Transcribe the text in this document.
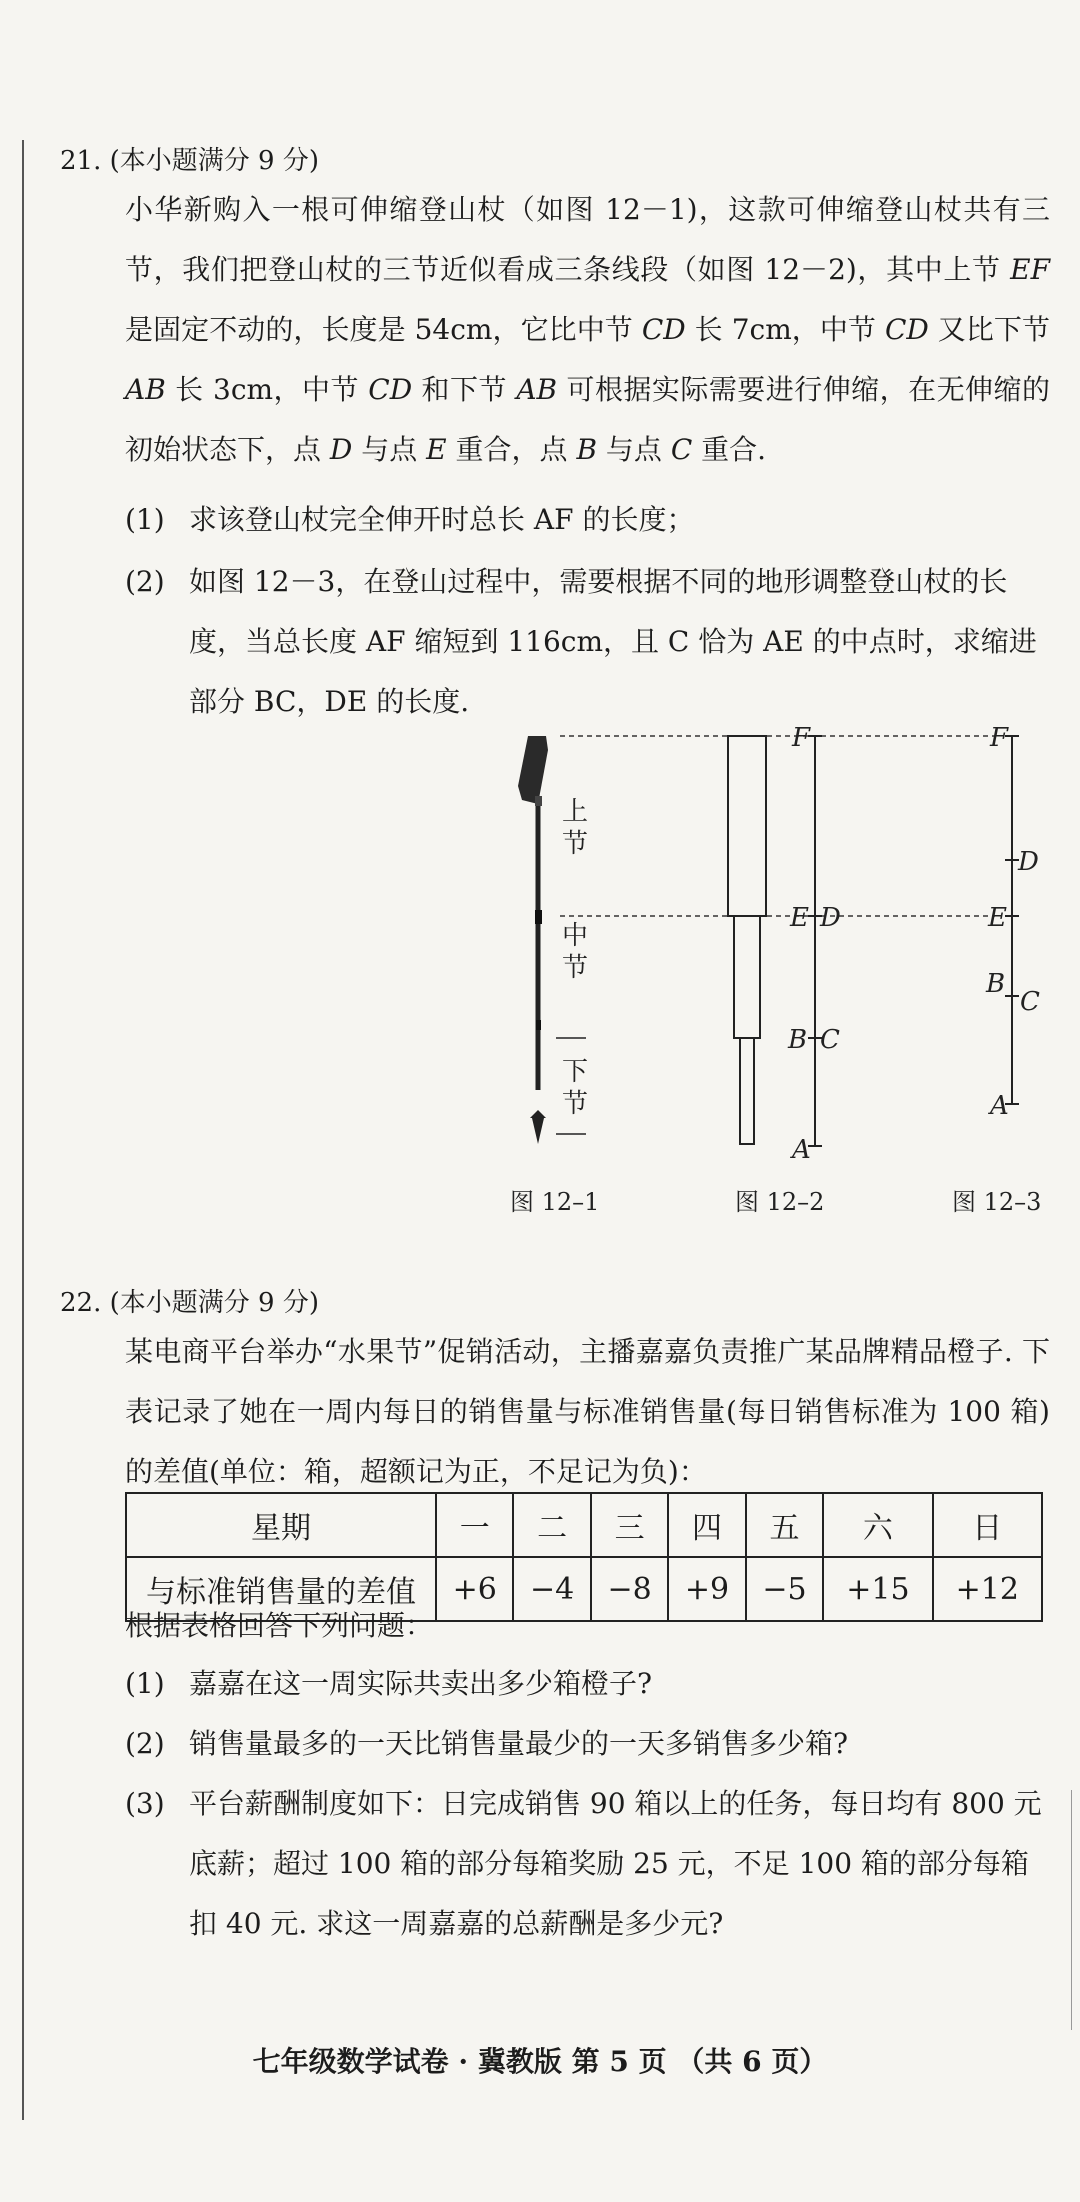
21. (本小题满分 9 分)

小华新购入一根可伸缩登山杖（如图 12－1)，这款可伸缩登山杖共有三节，我们把登山杖的三节近似看成三条线段（如图 12－2)，其中上节 EF 是固定不动的，长度是 54cm，它比中节 CD 长 7cm，中节 CD 又比下节 AB 长 3cm，中节 CD 和下节 AB 可根据实际需要进行伸缩，在无伸缩的初始状态下，点 D 与点 E 重合，点 B 与点 C 重合.

(1) 求该登山杖完全伸开时总长 AF 的长度；
(2) 如图 12－3，在登山过程中，需要根据不同的地形调整登山杖的长度，当总长度 AF 缩短到 116cm，且 C 恰为 AE 的中点时，求缩进部分 BC，DE 的长度.
上
节
中
节
下
节
F
E D
B C
A
F
D
E
B
C
A
图 12–1	图 12–2	图 12–3
22. (本小题满分 9 分)

某电商平台举办“水果节”促销活动，主播嘉嘉负责推广某品牌精品橙子. 下表记录了她在一周内每日的销售量与标准销售量(每日销售标准为 100 箱)的差值(单位：箱，超额记为正，不足记为负)：

星期	一	二	三	四	五	六	日
与标准销售量的差值	+6	−4	−8	+9	−5	+15	+12
根据表格回答下列问题：
(1) 嘉嘉在这一周实际共卖出多少箱橙子?
(2) 销售量最多的一天比销售量最少的一天多销售多少箱?
(3) 平台薪酬制度如下：日完成销售 90 箱以上的任务，每日均有 800 元底薪；超过 100 箱的部分每箱奖励 25 元，不足 100 箱的部分每箱扣 40 元. 求这一周嘉嘉的总薪酬是多少元?
七年级数学试卷 · 冀教版 第 5 页 （共 6 页）
